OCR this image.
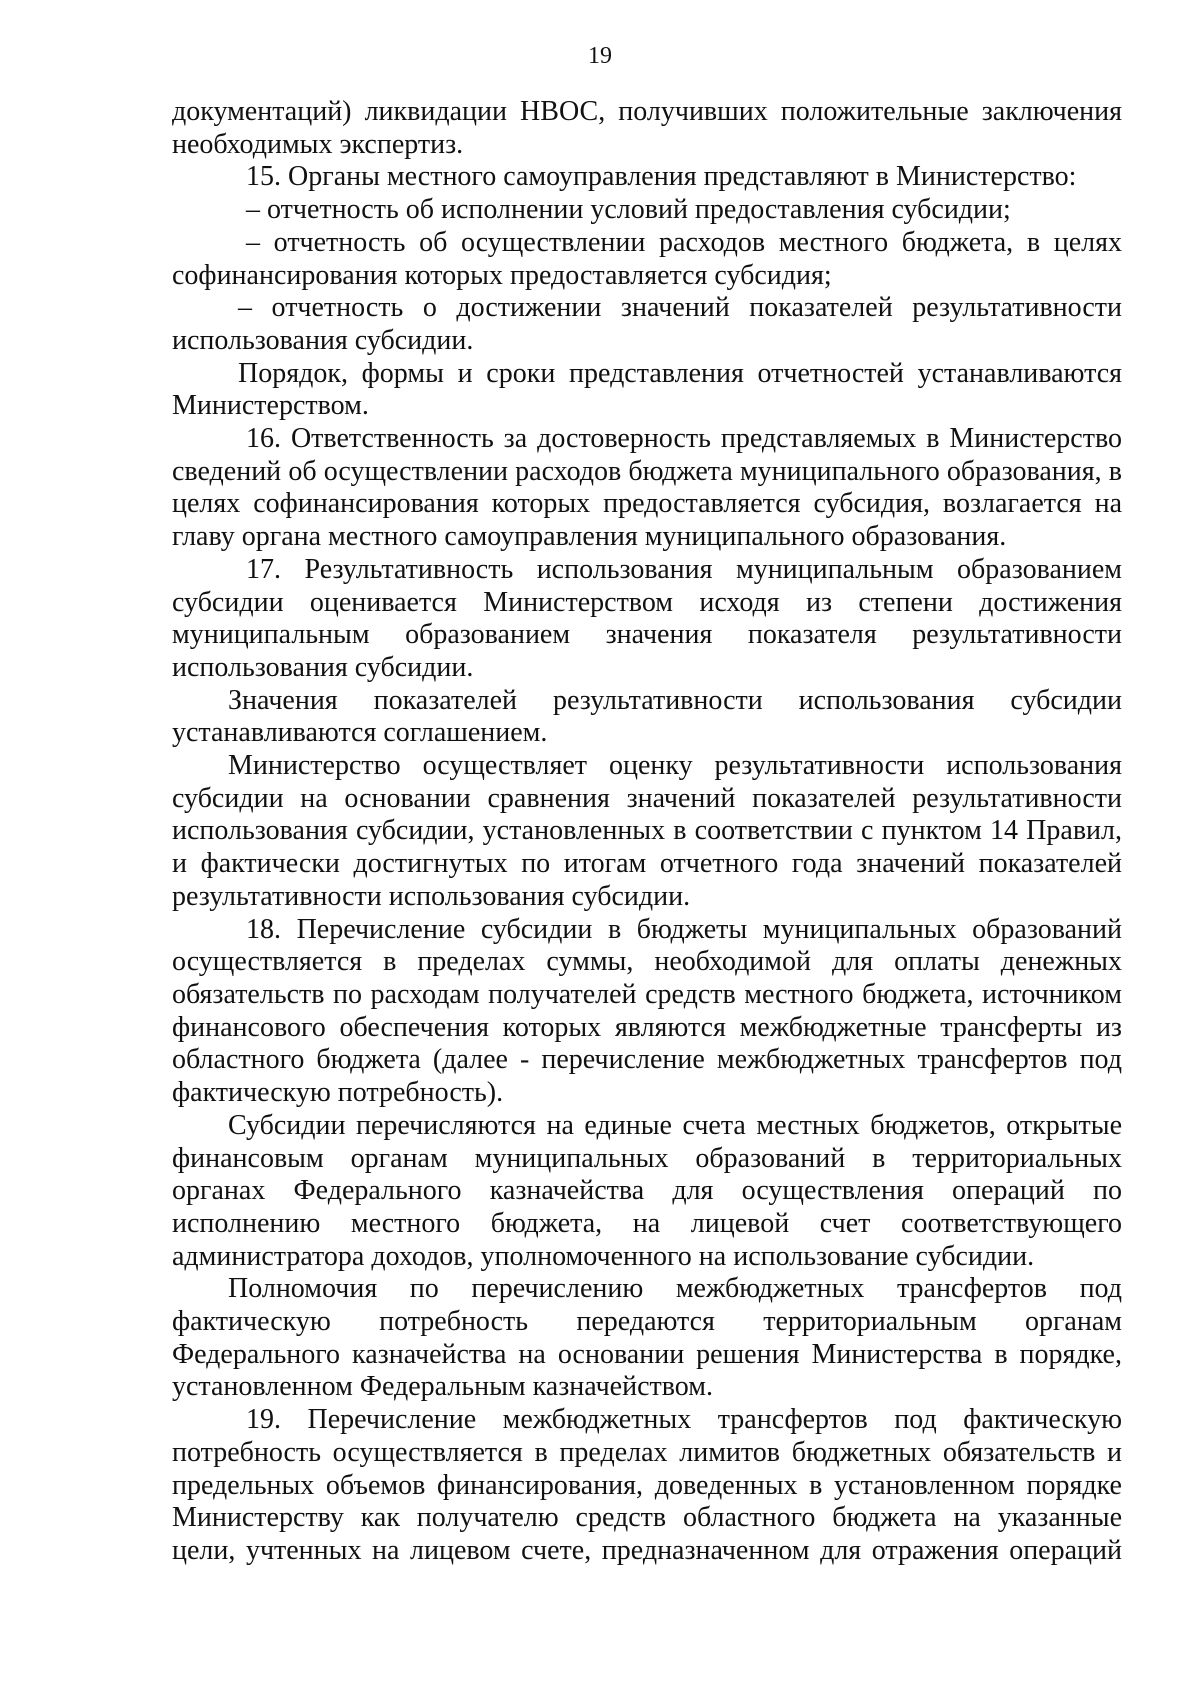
19

документаций) ликвидации НВОС, получивших положительные заключения необходимых экспертиз.

15. Органы местного самоуправления представляют в Министерство:

– отчетность об исполнении условий предоставления субсидии;

– отчетность об осуществлении расходов местного бюджета, в целях софинансирования которых предоставляется субсидия;

– отчетность о достижении значений показателей результативности использования субсидии.

Порядок, формы и сроки представления отчетностей устанавливаются Министерством.

16. Ответственность за достоверность представляемых в Министерство сведений об осуществлении расходов бюджета муниципального образования, в целях софинансирования которых предоставляется субсидия, возлагается на главу органа местного самоуправления муниципального образования.

17. Результативность использования муниципальным образованием субсидии оценивается Министерством исходя из степени достижения муниципальным образованием значения показателя результативности использования субсидии.

Значения показателей результативности использования субсидии устанавливаются соглашением.

Министерство осуществляет оценку результативности использования субсидии на основании сравнения значений показателей результативности использования субсидии, установленных в соответствии с пунктом 14 Правил, и фактически достигнутых по итогам отчетного года значений показателей результативности использования субсидии.

18. Перечисление субсидии в бюджеты муниципальных образований осуществляется в пределах суммы, необходимой для оплаты денежных обязательств по расходам получателей средств местного бюджета, источником финансового обеспечения которых являются межбюджетные трансферты из областного бюджета (далее - перечисление межбюджетных трансфертов под фактическую потребность).

Субсидии перечисляются на единые счета местных бюджетов, открытые финансовым органам муниципальных образований в территориальных органах Федерального казначейства для осуществления операций по исполнению местного бюджета, на лицевой счет соответствующего администратора доходов, уполномоченного на использование субсидии.

Полномочия по перечислению межбюджетных трансфертов под фактическую потребность передаются территориальным органам Федерального казначейства на основании решения Министерства в порядке, установленном Федеральным казначейством.

19. Перечисление межбюджетных трансфертов под фактическую потребность осуществляется в пределах лимитов бюджетных обязательств и предельных объемов финансирования, доведенных в установленном порядке Министерству как получателю средств областного бюджета на указанные цели, учтенных на лицевом счете, предназначенном для отражения операций
